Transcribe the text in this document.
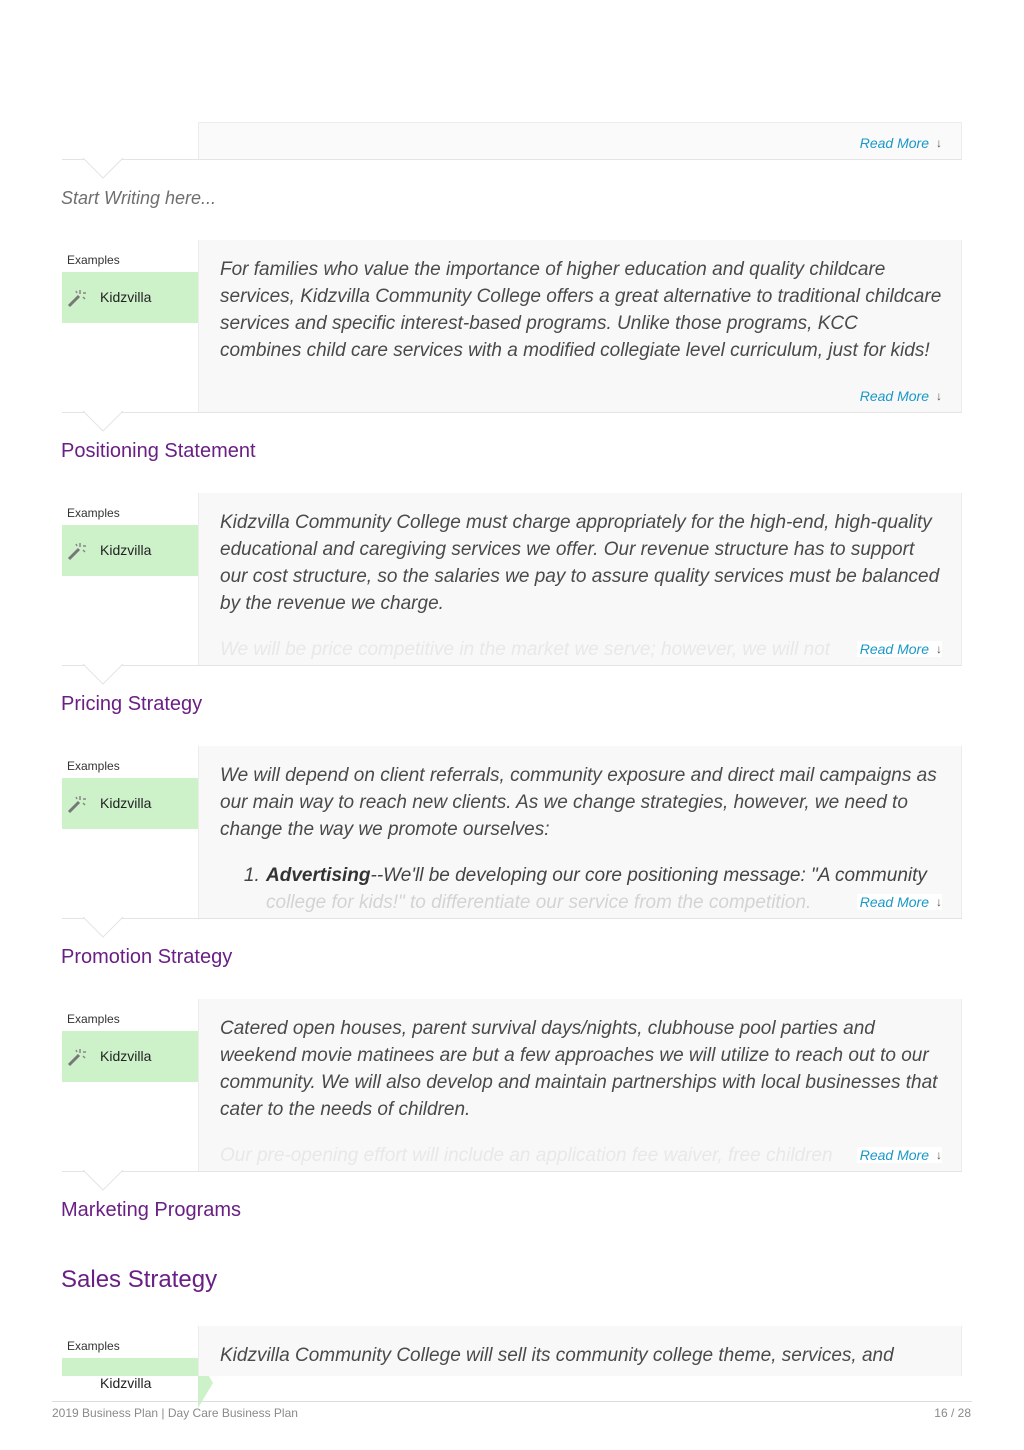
Read More ↓
Start Writing here...
Examples
Kidzvilla

For families who value the importance of higher education and quality childcare services, Kidzvilla Community College offers a great alternative to traditional childcare services and specific interest-based programs. Unlike those programs, KCC combines child care services with a modified collegiate level curriculum, just for kids!

Read More ↓
Positioning Statement
Examples
Kidzvilla

Kidzvilla Community College must charge appropriately for the high-end, high-quality educational and caregiving services we offer. Our revenue structure has to support our cost structure, so the salaries we pay to assure quality services must be balanced by the revenue we charge.

We will be price competitive in the market we serve; however, we will not	Read More ↓
Pricing Strategy
Examples
Kidzvilla

We will depend on client referrals, community exposure and direct mail campaigns as our main way to reach new clients. As we change strategies, however, we need to change the way we promote ourselves:

1. Advertising--We'll be developing our core positioning message: "A community
Read More ↓
Promotion Strategy
Examples
Kidzvilla

Catered open houses, parent survival days/nights, clubhouse pool parties and weekend movie matinees are but a few approaches we will utilize to reach out to our community. We will also develop and maintain partnerships with local businesses that cater to the needs of children.

Our pre-opening effort will include an application fee waiver, free children	Read More ↓
Marketing Programs
Sales Strategy
Examples
Kidzvilla

Kidzvilla Community College will sell its community college theme, services, and

2019 Business Plan | Day Care Business Plan	16 / 28
